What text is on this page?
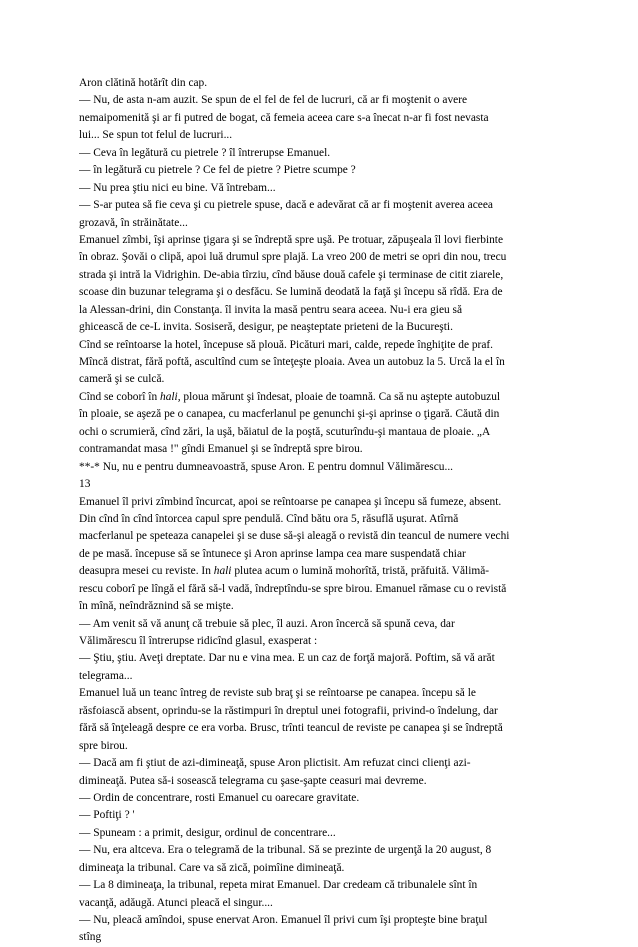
Aron clătină hotărît din cap.
— Nu, de asta n-am auzit. Se spun de el fel de fel de lucruri, că ar fi moştenit o avere
nemaipomenită şi ar fi putred de bogat, că femeia aceea care s-a înecat n-ar fi fost nevasta
lui... Se spun tot felul de lucruri...
— Ceva în legătură cu pietrele ? îl întrerupse Emanuel.
— în legătură cu pietrele ? Ce fel de pietre ? Pietre scumpe ?
— Nu prea ştiu nici eu bine. Vă întrebam...
— S-ar putea să fie ceva şi cu pietrele spuse, dacă e adevărat că ar fi moştenit averea aceea
grozavă, în străinătate...
Emanuel zîmbi, îşi aprinse ţigara şi se îndreptă spre uşă. Pe trotuar, zăpuşeala îl lovi fierbinte
în obraz. Şovăi o clipă, apoi luă drumul spre plajă. La vreo 200 de metri se opri din nou, trecu
strada şi intră la Vidrighin. De-abia tîrziu, cînd băuse două cafele şi terminase de citit ziarele,
scoase din buzunar telegrama şi o desfăcu. Se lumină deodată la faţă şi începu să rîdă. Era de
la Alessan-drini, din Constanţa. îl invita la masă pentru seara aceea. Nu-i era gieu să
ghicească de ce-L invita. Sosiseră, desigur, pe neaşteptate prieteni de la Bucureşti.
Cînd se reîntoarse la hotel, începuse să plouă. Picături mari, calde, repede înghiţite de praf.
Mîncă distrat, fără poftă, ascultînd cum se înteţeşte ploaia. Avea un autobuz la 5. Urcă la el în
cameră şi se culcă.
Cînd se coborî în hali, ploua mărunt şi îndesat, ploaie de toamnă. Ca să nu aştepte autobuzul
în ploaie, se aşeză pe o canapea, cu macferlanul pe genunchi şi-şi aprinse o ţigară. Căută din
ochi o scrumieră, cînd zări, la uşă, băiatul de la poştă, scuturîndu-şi mantaua de ploaie. „A
contramandat masa !" gîndi Emanuel şi se îndreptă spre birou.
**-* Nu, nu e pentru dumneavoastră, spuse Aron. E pentru domnul Vălimărescu...
13
Emanuel îl privi zîmbind încurcat, apoi se reîntoarse pe canapea şi începu să fumeze, absent.
Din cînd în cînd întorcea capul spre pendulă. Cînd bătu ora 5, răsuflă uşurat. Atîrnă
macferlanul pe speteaza canapelei şi se duse să-şi aleagă o revistă din teancul de numere vechi
de pe masă. începuse să se întunece şi Aron aprinse lampa cea mare suspendată chiar
deasupra mesei cu reviste. In hali plutea acum o lumină mohorîtă, tristă, prăfuită. Vălimă-
rescu coborî pe lîngă el fără să-l vadă, îndreptîndu-se spre birou. Emanuel rămase cu o revistă
în mînă, neîndrăznind să se mişte.
— Am venit să vă anunţ că trebuie să plec, îl auzi. Aron încercă să spună ceva, dar
Vălimărescu îl întrerupse ridicînd glasul, exasperat :
— Ştiu, ştiu. Aveţi dreptate. Dar nu e vina mea. E un caz de forţă majoră. Poftim, să vă arăt
telegrama...
Emanuel luă un teanc întreg de reviste sub braţ şi se reîntoarse pe canapea. începu să le
răsfoiască absent, oprindu-se la răstimpuri în dreptul unei fotografii, privind-o îndelung, dar
fără să înţeleagă despre ce era vorba. Brusc, trînti teancul de reviste pe canapea şi se îndreptă
spre birou.
— Dacă am fi ştiut de azi-dimineaţă, spuse Aron plictisit. Am refuzat cinci clienţi azi-
dimineaţă. Putea să-i sosească telegrama cu şase-şapte ceasuri mai devreme.
— Ordin de concentrare, rosti Emanuel cu oarecare gravitate.
— Poftiţi ? '
— Spuneam : a primit, desigur, ordinul de concentrare...
— Nu, era altceva. Era o telegramă de la tribunal. Să se prezinte de urgenţă la 20 august, 8
dimineaţa la tribunal. Care va să zică, poimîine dimineaţă.
— La 8 dimineaţa, la tribunal, repeta mirat Emanuel. Dar credeam că tribunalele sînt în
vacanţă, adăugă. Atunci pleacă el singur....
— Nu, pleacă amîndoi, spuse enervat Aron. Emanuel îl privi cum îşi propteşte bine braţul
stîng
